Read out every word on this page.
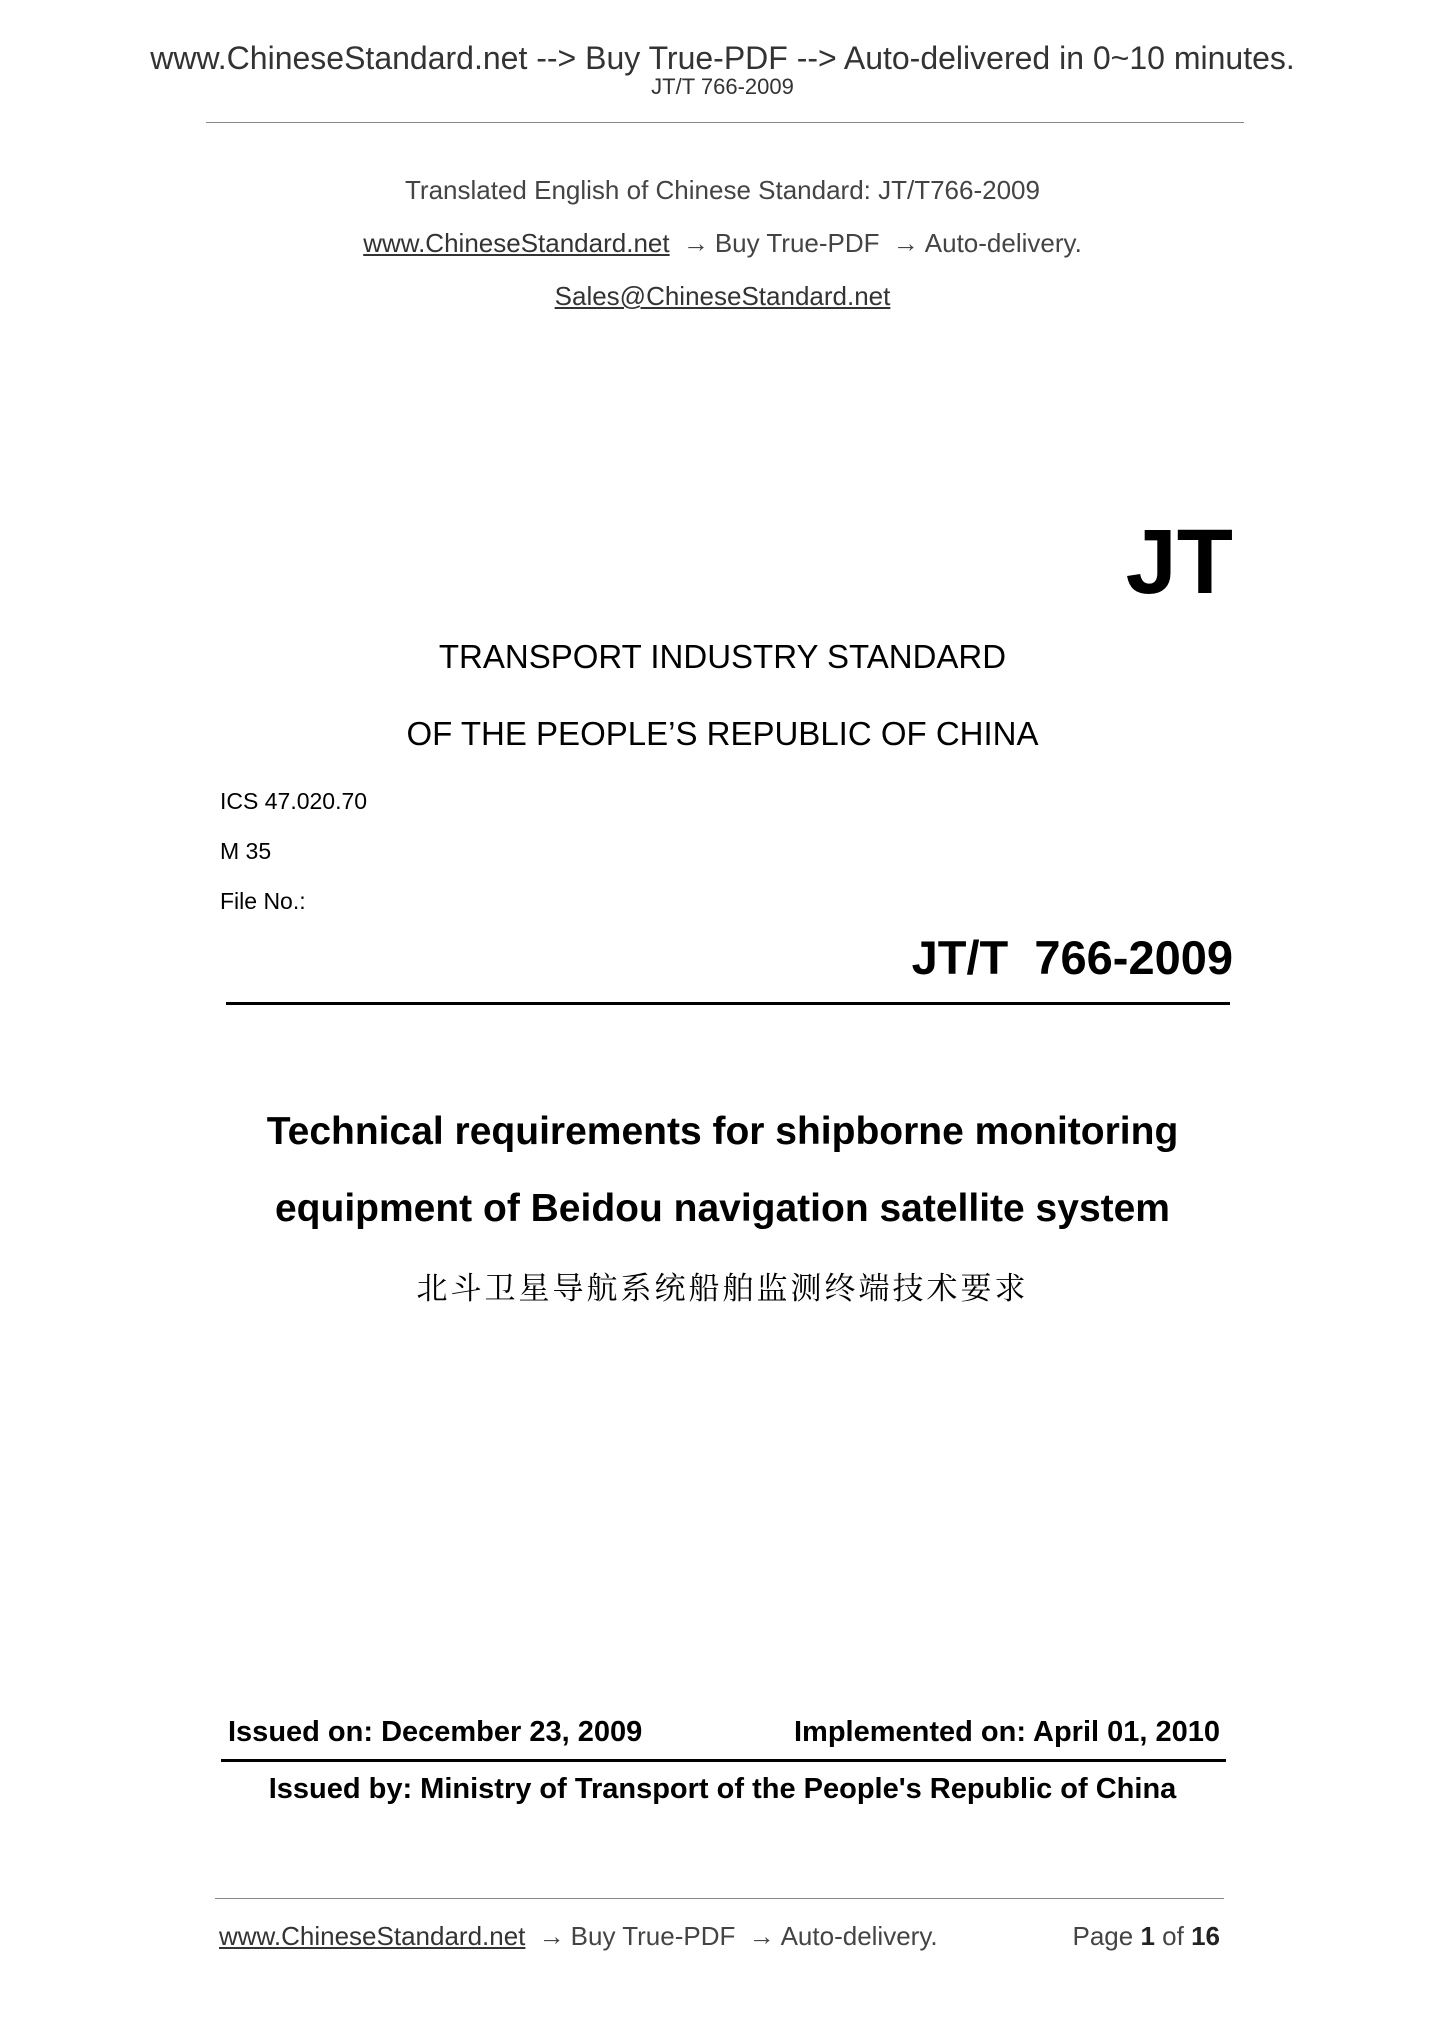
www.ChineseStandard.net --> Buy True-PDF --> Auto-delivered in 0~10 minutes.
JT/T 766-2009
Translated English of Chinese Standard: JT/T766-2009
www.ChineseStandard.net → Buy True-PDF → Auto-delivery.
Sales@ChineseStandard.net
JT
TRANSPORT INDUSTRY STANDARD
OF THE PEOPLE’S REPUBLIC OF CHINA
ICS 47.020.70
M 35
File No.:
JT/T  766-2009
Technical requirements for shipborne monitoring
equipment of Beidou navigation satellite system
北斗卫星导航系统船舶监测终端技术要求
Issued on: December 23, 2009	Implemented on: April 01, 2010
Issued by: Ministry of Transport of the People's Republic of China
www.ChineseStandard.net → Buy True-PDF → Auto-delivery.	Page 1 of 16
